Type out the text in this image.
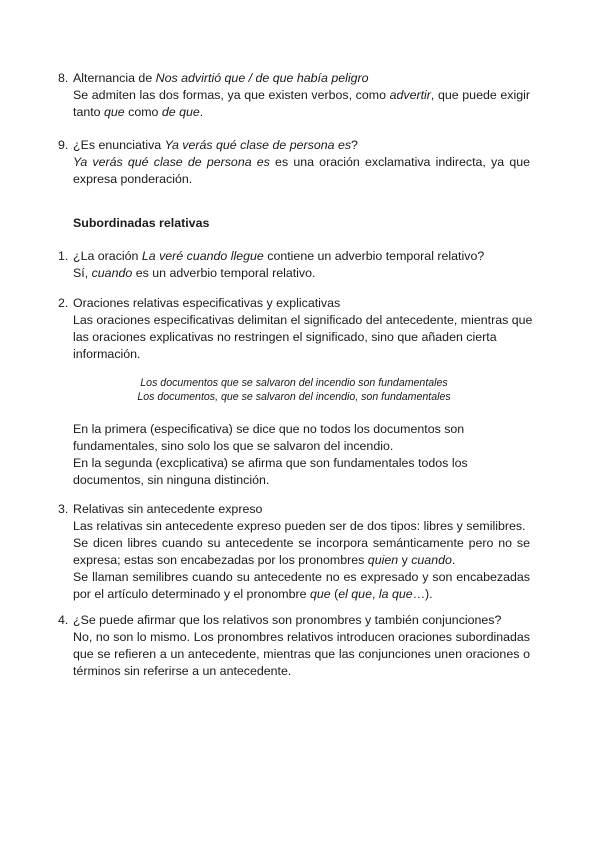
8. Alternancia de Nos advirtió que / de que había peligro
Se admiten las dos formas, ya que existen verbos, como advertir, que puede exigir
tanto que como de que.
9. ¿Es enunciativa Ya verás qué clase de persona es?
Ya verás qué clase de persona es es una oración exclamativa indirecta, ya que
expresa ponderación.
Subordinadas relativas
1. ¿La oración La veré cuando llegue contiene un adverbio temporal relativo?
Sí, cuando es un adverbio temporal relativo.
2. Oraciones relativas especificativas y explicativas
Las oraciones especificativas delimitan el significado del antecedente, mientras que
las oraciones explicativas no restringen el significado, sino que añaden cierta
información.
Los documentos que se salvaron del incendio son fundamentales
Los documentos, que se salvaron del incendio, son fundamentales
En la primera (especificativa) se dice que no todos los documentos son
fundamentales, sino solo los que se salvaron del incendio.
En la segunda (excplicativa) se afirma que son fundamentales todos los
documentos, sin ninguna distinción.
3. Relativas sin antecedente expreso
Las relativas sin antecedente expreso pueden ser de dos tipos: libres y semilibres.
Se dicen libres cuando su antecedente se incorpora semánticamente pero no se
expresa; estas son encabezadas por los pronombres quien y cuando.
Se llaman semilibres cuando su antecedente no es expresado y son encabezadas
por el artículo determinado y el pronombre que (el que, la que…).
4. ¿Se puede afirmar que los relativos son pronombres y también conjunciones?
No, no son lo mismo. Los pronombres relativos introducen oraciones subordinadas
que se refieren a un antecedente, mientras que las conjunciones unen oraciones o
términos sin referirse a un antecedente.
